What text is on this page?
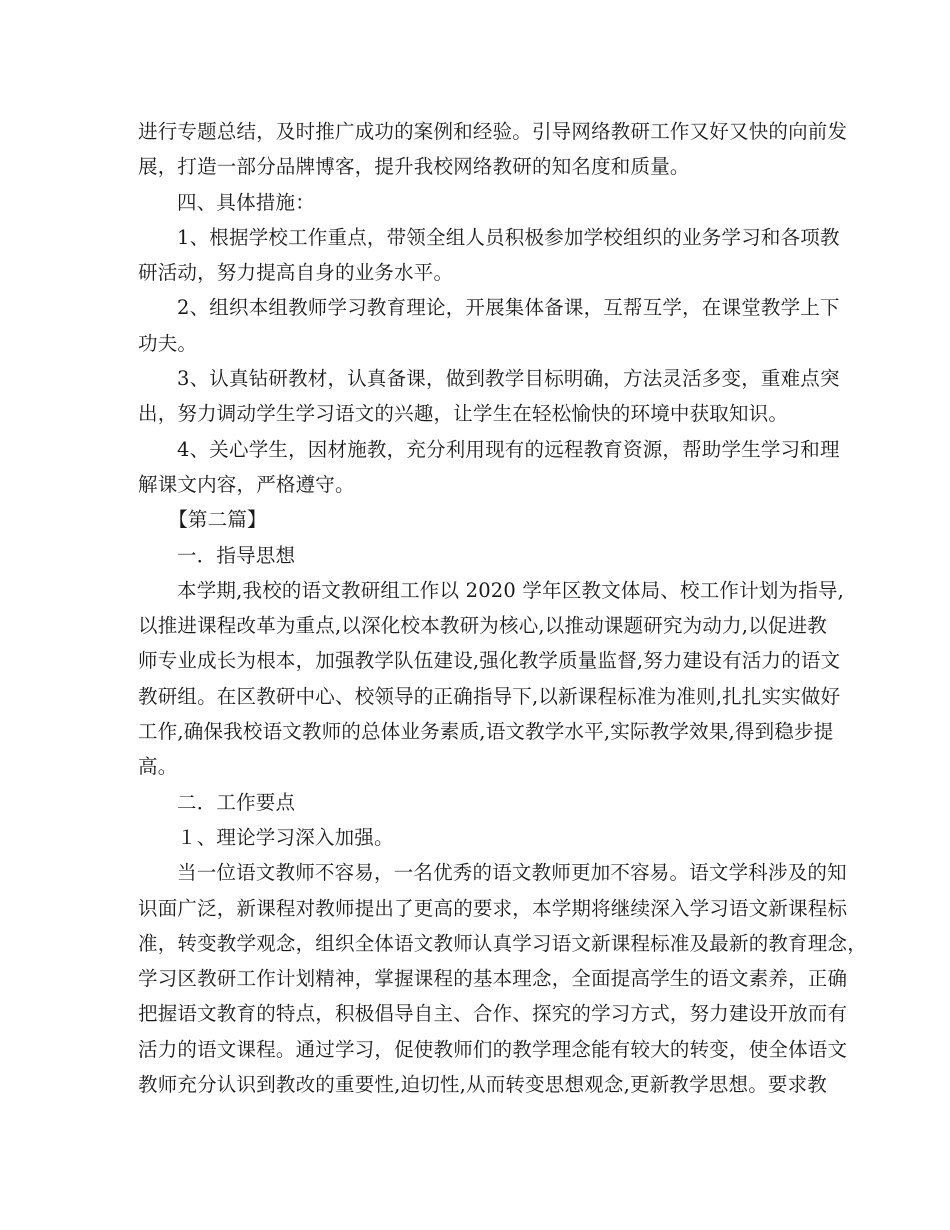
进行专题总结，及时推广成功的案例和经验。引导网络教研工作又好又快的向前发
展，打造一部分品牌博客，提升我校网络教研的知名度和质量。
四、具体措施：
1、根据学校工作重点，带领全组人员积极参加学校组织的业务学习和各项教
研活动，努力提高自身的业务水平。
2、组织本组教师学习教育理论，开展集体备课，互帮互学，在课堂教学上下
功夫。
3、认真钻研教材，认真备课，做到教学目标明确，方法灵活多变，重难点突
出，努力调动学生学习语文的兴趣，让学生在轻松愉快的环境中获取知识。
4、关心学生，因材施教，充分利用现有的远程教育资源，帮助学生学习和理
解课文内容，严格遵守。
【第二篇】
一．指导思想
本学期,我校的语文教研组工作以 2020 学年区教文体局、校工作计划为指导,
以推进课程改革为重点,以深化校本教研为核心,以推动课题研究为动力,以促进教
师专业成长为根本，加强教学队伍建设,强化教学质量监督,努力建设有活力的语文
教研组。在区教研中心、校领导的正确指导下,以新课程标准为准则,扎扎实实做好
工作,确保我校语文教师的总体业务素质,语文教学水平,实际教学效果,得到稳步提
高。
二．工作要点
１、理论学习深入加强。
当一位语文教师不容易，一名优秀的语文教师更加不容易。语文学科涉及的知
识面广泛，新课程对教师提出了更高的要求，本学期将继续深入学习语文新课程标
准，转变教学观念，组织全体语文教师认真学习语文新课程标准及最新的教育理念，
学习区教研工作计划精神，掌握课程的基本理念，全面提高学生的语文素养，正确
把握语文教育的特点，积极倡导自主、合作、探究的学习方式，努力建设开放而有
活力的语文课程。通过学习，促使教师们的教学理念能有较大的转变，使全体语文
教师充分认识到教改的重要性,迫切性,从而转变思想观念,更新教学思想。要求教
